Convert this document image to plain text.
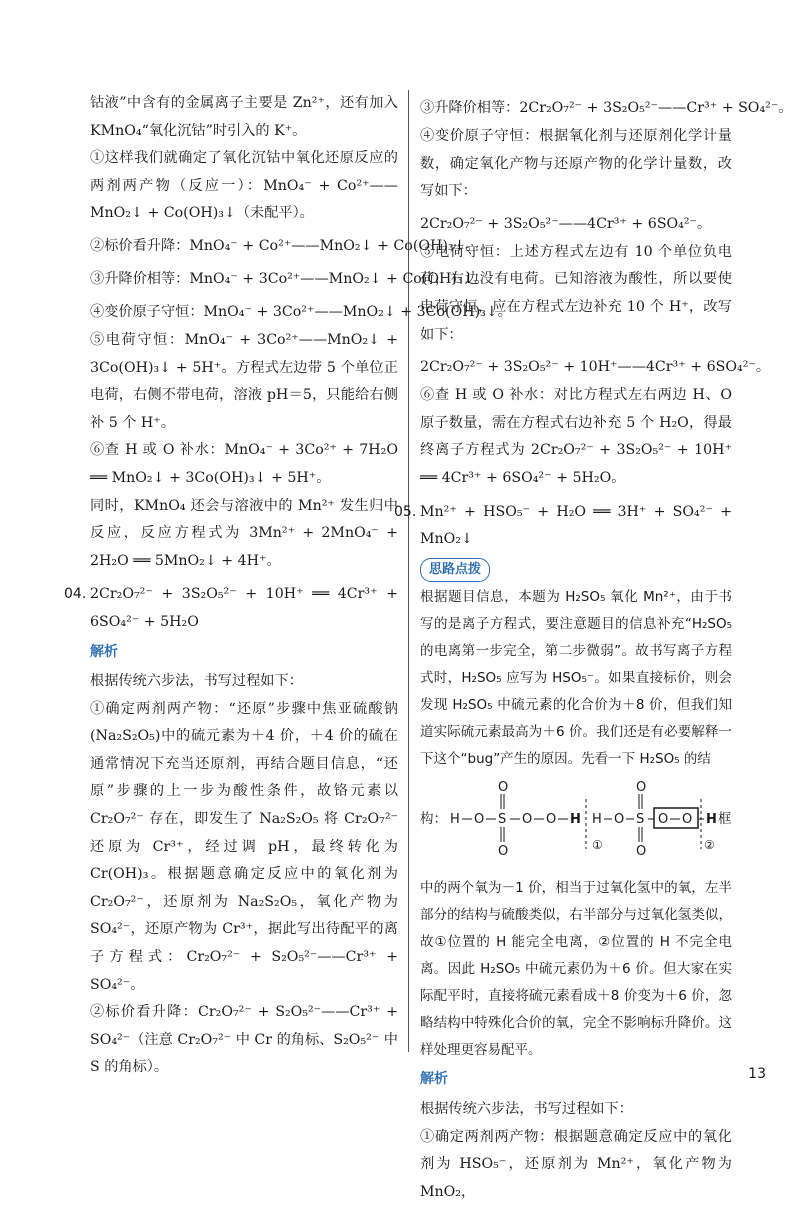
钴液”中含有的金属离子主要是 Zn²⁺，还有加入 KMnO₄“氧化沉钴”时引入的 K⁺。

①这样我们就确定了氧化沉钴中氧化还原反应的两剂两产物（反应一）：MnO₄⁻ + Co²⁺——MnO₂↓ + Co(OH)₃↓（未配平）。

②标价看升降：MnO₄⁻ + Co²⁺——MnO₂↓ + Co(OH)₃↓。

③升降价相等：MnO₄⁻ + 3Co²⁺——MnO₂↓ + Co(OH)₃↓。

④变价原子守恒：MnO₄⁻ + 3Co²⁺——MnO₂↓ + 3Co(OH)₃↓。

⑤电荷守恒：MnO₄⁻ + 3Co²⁺——MnO₂↓ + 3Co(OH)₃↓ + 5H⁺。方程式左边带 5 个单位正电荷，右侧不带电荷，溶液 pH＝5，只能给右侧补 5 个 H⁺。

⑥查 H 或 O 补水：MnO₄⁻ + 3Co²⁺ + 7H₂O ══ MnO₂↓ + 3Co(OH)₃↓ + 5H⁺。

同时，KMnO₄ 还会与溶液中的 Mn²⁺ 发生归中反应，反应方程式为 3Mn²⁺ + 2MnO₄⁻ + 2H₂O ══ 5MnO₂↓ + 4H⁺。

04. 2Cr₂O₇²⁻ + 3S₂O₅²⁻ + 10H⁺ ══ 4Cr³⁺ + 6SO₄²⁻ + 5H₂O

解析

根据传统六步法，书写过程如下：

①确定两剂两产物：“还原”步骤中焦亚硫酸钠(Na₂S₂O₅)中的硫元素为＋4 价，＋4 价的硫在通常情况下充当还原剂，再结合题目信息，“还原”步骤的上一步为酸性条件，故铬元素以 Cr₂O₇²⁻ 存在，即发生了 Na₂S₂O₅ 将 Cr₂O₇²⁻ 还原为 Cr³⁺，经过调 pH，最终转化为 Cr(OH)₃。根据题意确定反应中的氧化剂为 Cr₂O₇²⁻，还原剂为 Na₂S₂O₅，氧化产物为 SO₄²⁻，还原产物为 Cr³⁺，据此写出待配平的离子方程式：Cr₂O₇²⁻ + S₂O₅²⁻——Cr³⁺ + SO₄²⁻。

②标价看升降：Cr₂O₇²⁻ + S₂O₅²⁻——Cr³⁺ + SO₄²⁻（注意 Cr₂O₇²⁻ 中 Cr 的角标、S₂O₅²⁻ 中 S 的角标）。

③升降价相等：2Cr₂O₇²⁻ + 3S₂O₅²⁻——Cr³⁺ + SO₄²⁻。

④变价原子守恒：根据氧化剂与还原剂化学计量数，确定氧化产物与还原产物的化学计量数，改写如下：

2Cr₂O₇²⁻ + 3S₂O₅²⁻——4Cr³⁺ + 6SO₄²⁻。

⑤电荷守恒：上述方程式左边有 10 个单位负电荷，右边没有电荷。已知溶液为酸性，所以要使电荷守恒，应在方程式左边补充 10 个 H⁺，改写如下：

2Cr₂O₇²⁻ + 3S₂O₅²⁻ + 10H⁺——4Cr³⁺ + 6SO₄²⁻。

⑥查 H 或 O 补水：对比方程式左右两边 H、O 原子数量，需在方程式右边补充 5 个 H₂O，得最终离子方程式为 2Cr₂O₇²⁻ + 3S₂O₅²⁻ + 10H⁺ ══ 4Cr³⁺ + 6SO₄²⁻ + 5H₂O。

05. Mn²⁺ + HSO₅⁻ + H₂O ══ 3H⁺ + SO₄²⁻ + MnO₂↓

思路点拨

根据题目信息，本题为 H₂SO₅ 氧化 Mn²⁺，由于书写的是离子方程式，要注意题目的信息补充“H₂SO₅ 的电离第一步完全，第二步微弱”。故书写离子方程式时，H₂SO₅ 应写为 HSO₅⁻。如果直接标价，则会发现 H₂SO₅ 中硫元素的化合价为＋8 价，但我们知道实际硫元素最高为＋6 价。我们还是有必要解释一下这个“bug”产生的原因。先看一下 H₂SO₅ 的结

构： H O S
O
O
O O H H O S
O
O
O O H
①	②
框

中的两个氧为－1 价，相当于过氧化氢中的氧，左半部分的结构与硫酸类似，右半部分与过氧化氢类似，故①位置的 H 能完全电离，②位置的 H 不完全电离。因此 H₂SO₅ 中硫元素仍为＋6 价。但大家在实际配平时，直接将硫元素看成＋8 价变为＋6 价，忽略结构中特殊化合价的氧，完全不影响标升降价。这样处理更容易配平。

解析

根据传统六步法，书写过程如下：

①确定两剂两产物：根据题意确定反应中的氧化剂为 HSO₅⁻，还原剂为 Mn²⁺，氧化产物为 MnO₂，

13
